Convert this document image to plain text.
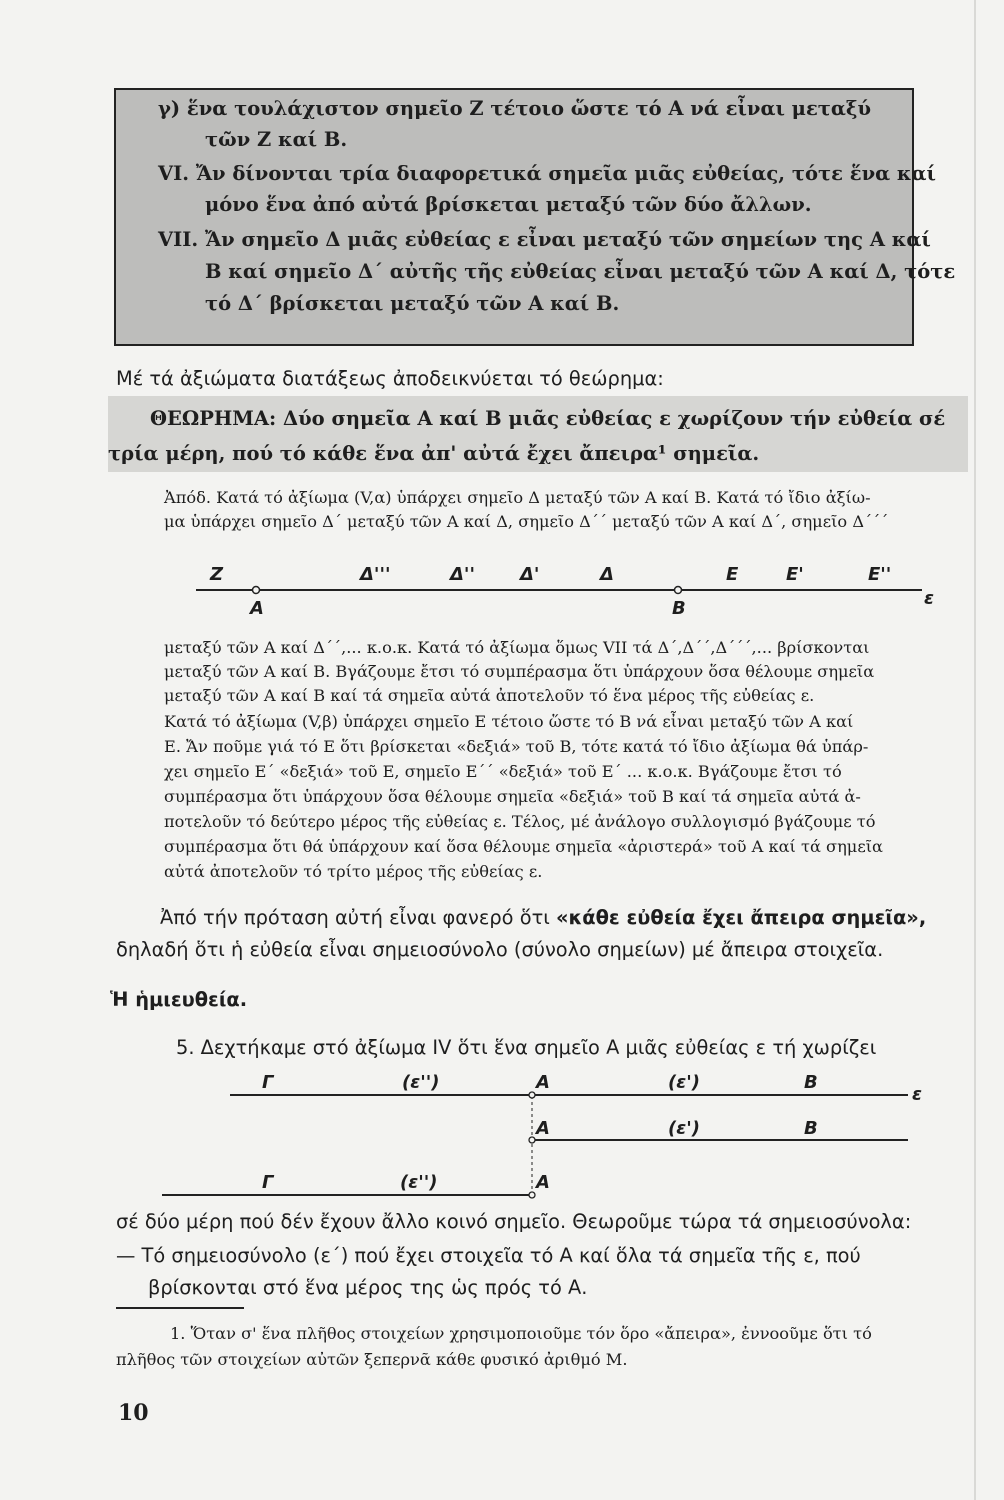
γ) ἕνα τουλάχιστον σημεῖο Ζ τέτοιο ὥστε τό Α νά εἶναι μεταξύ
τῶν Ζ καί Β.
VI. Ἄν δίνονται τρία διαφορετικά σημεῖα μιᾶς εὐθείας, τότε ἕνα καί
μόνο ἕνα ἀπό αὐτά βρίσκεται μεταξύ τῶν δύο ἄλλων.
VII. Ἄν σημεῖο Δ μιᾶς εὐθείας ε εἶναι μεταξύ τῶν σημείων της Α καί
Β καί σημεῖο Δ΄ αὐτῆς τῆς εὐθείας εἶναι μεταξύ τῶν Α καί Δ, τότε
τό Δ΄ βρίσκεται μεταξύ τῶν Α καί Β.
Μέ τά ἀξιώματα διατάξεως ἀποδεικνύεται τό θεώρημα:
ΘΕΩΡΗΜΑ: Δύο σημεῖα Α καί Β μιᾶς εὐθείας ε χωρίζουν τήν εὐθεία σέ
τρία μέρη, πού τό κάθε ἕνα ἀπ' αὐτά ἔχει ἄπειρα¹ σημεῖα.
Ἀπόδ. Κατά τό ἀξίωμα (V,α) ὑπάρχει σημεῖο Δ μεταξύ τῶν Α καί Β. Κατά τό ἴδιο ἀξίω-
μα ὑπάρχει σημεῖο Δ΄ μεταξύ τῶν Α καί Δ, σημεῖο Δ΄΄ μεταξύ τῶν Α καί Δ΄, σημεῖο Δ΄΄΄
Z
A
Δ'''	Δ''	Δ'	Δ
B
E	E'	E''
ε
Γ	(ε'')	A	(ε')	B
ε
A	(ε')	B
Γ	(ε'')	A
μεταξύ τῶν Α καί Δ΄΄,... κ.ο.κ. Κατά τό ἀξίωμα ὅμως VII τά Δ΄,Δ΄΄,Δ΄΄΄,... βρίσκονται
μεταξύ τῶν Α καί Β. Βγάζουμε ἔτσι τό συμπέρασμα ὅτι ὑπάρχουν ὅσα θέλουμε σημεῖα
μεταξύ τῶν Α καί Β καί τά σημεῖα αὐτά ἀποτελοῦν τό ἕνα μέρος τῆς εὐθείας ε.
Κατά τό ἀξίωμα (V,β) ὑπάρχει σημεῖο Ε τέτοιο ὥστε τό Β νά εἶναι μεταξύ τῶν Α καί
Ε. Ἄν ποῦμε γιά τό Ε ὅτι βρίσκεται «δεξιά» τοῦ Β, τότε κατά τό ἴδιο ἀξίωμα θά ὑπάρ-
χει σημεῖο Ε΄ «δεξιά» τοῦ Ε, σημεῖο Ε΄΄ «δεξιά» τοῦ Ε΄ ... κ.ο.κ. Βγάζουμε ἔτσι τό
συμπέρασμα ὅτι ὑπάρχουν ὅσα θέλουμε σημεῖα «δεξιά» τοῦ Β καί τά σημεῖα αὐτά ἀ-
ποτελοῦν τό δεύτερο μέρος τῆς εὐθείας ε. Τέλος, μέ ἀνάλογο συλλογισμό βγάζουμε τό
συμπέρασμα ὅτι θά ὑπάρχουν καί ὅσα θέλουμε σημεῖα «ἀριστερά» τοῦ Α καί τά σημεῖα
αὐτά ἀποτελοῦν τό τρίτο μέρος τῆς εὐθείας ε.
Ἀπό τήν πρόταση αὐτή εἶναι φανερό ὅτι «κάθε εὐθεία ἔχει ἄπειρα σημεῖα»,
δηλαδή ὅτι ἡ εὐθεία εἶναι σημειοσύνολο (σύνολο σημείων) μέ ἄπειρα στοιχεῖα.
Ἡ ἡμιευθεία.
5. Δεχτήκαμε στό ἀξίωμα IV ὅτι ἕνα σημεῖο Α μιᾶς εὐθείας ε τή χωρίζει
σέ δύο μέρη πού δέν ἔχουν ἄλλο κοινό σημεῖο. Θεωροῦμε τώρα τά σημειοσύνολα:
— Τό σημειοσύνολο (ε΄) πού ἔχει στοιχεῖα τό Α καί ὅλα τά σημεῖα τῆς ε, πού
βρίσκονται στό ἕνα μέρος της ὡς πρός τό Α.
1. Ὅταν σ' ἕνα πλῆθος στοιχείων χρησιμοποιοῦμε τόν ὅρο «ἄπειρα», ἐννοοῦμε ὅτι τό
πλῆθος τῶν στοιχείων αὐτῶν ξεπερνᾶ κάθε φυσικό ἀριθμό Μ.
10
